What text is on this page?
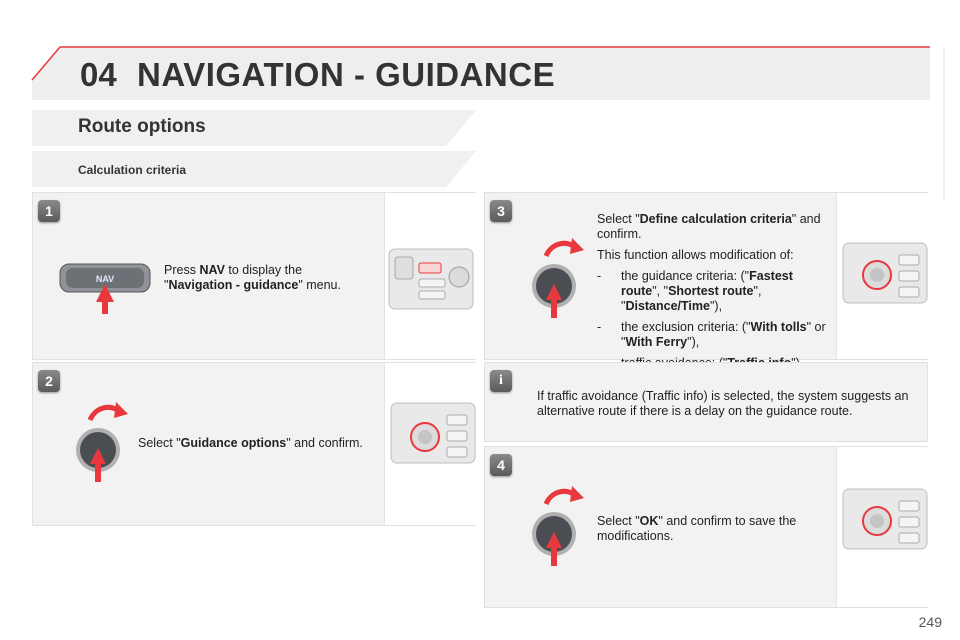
04 NAVIGATION - GUIDANCE
Route options
Calculation criteria
1
NAV
Press NAV to display the
"Navigation - guidance" menu.
2
Select "Guidance options" and confirm.
3	Select "Define calculation criteria" and confirm.
This function allows modification of:
- the guidance criteria: ("Fastest route", "Shortest route", "Distance/Time"),
- the exclusion criteria: ("With tolls" or "With Ferry"),
i
If traffic avoidance (Traffic info) is selected, the system suggests an alternative route if there is a delay on the guidance route.
4
Select "OK" and confirm to save the modifications.
249
